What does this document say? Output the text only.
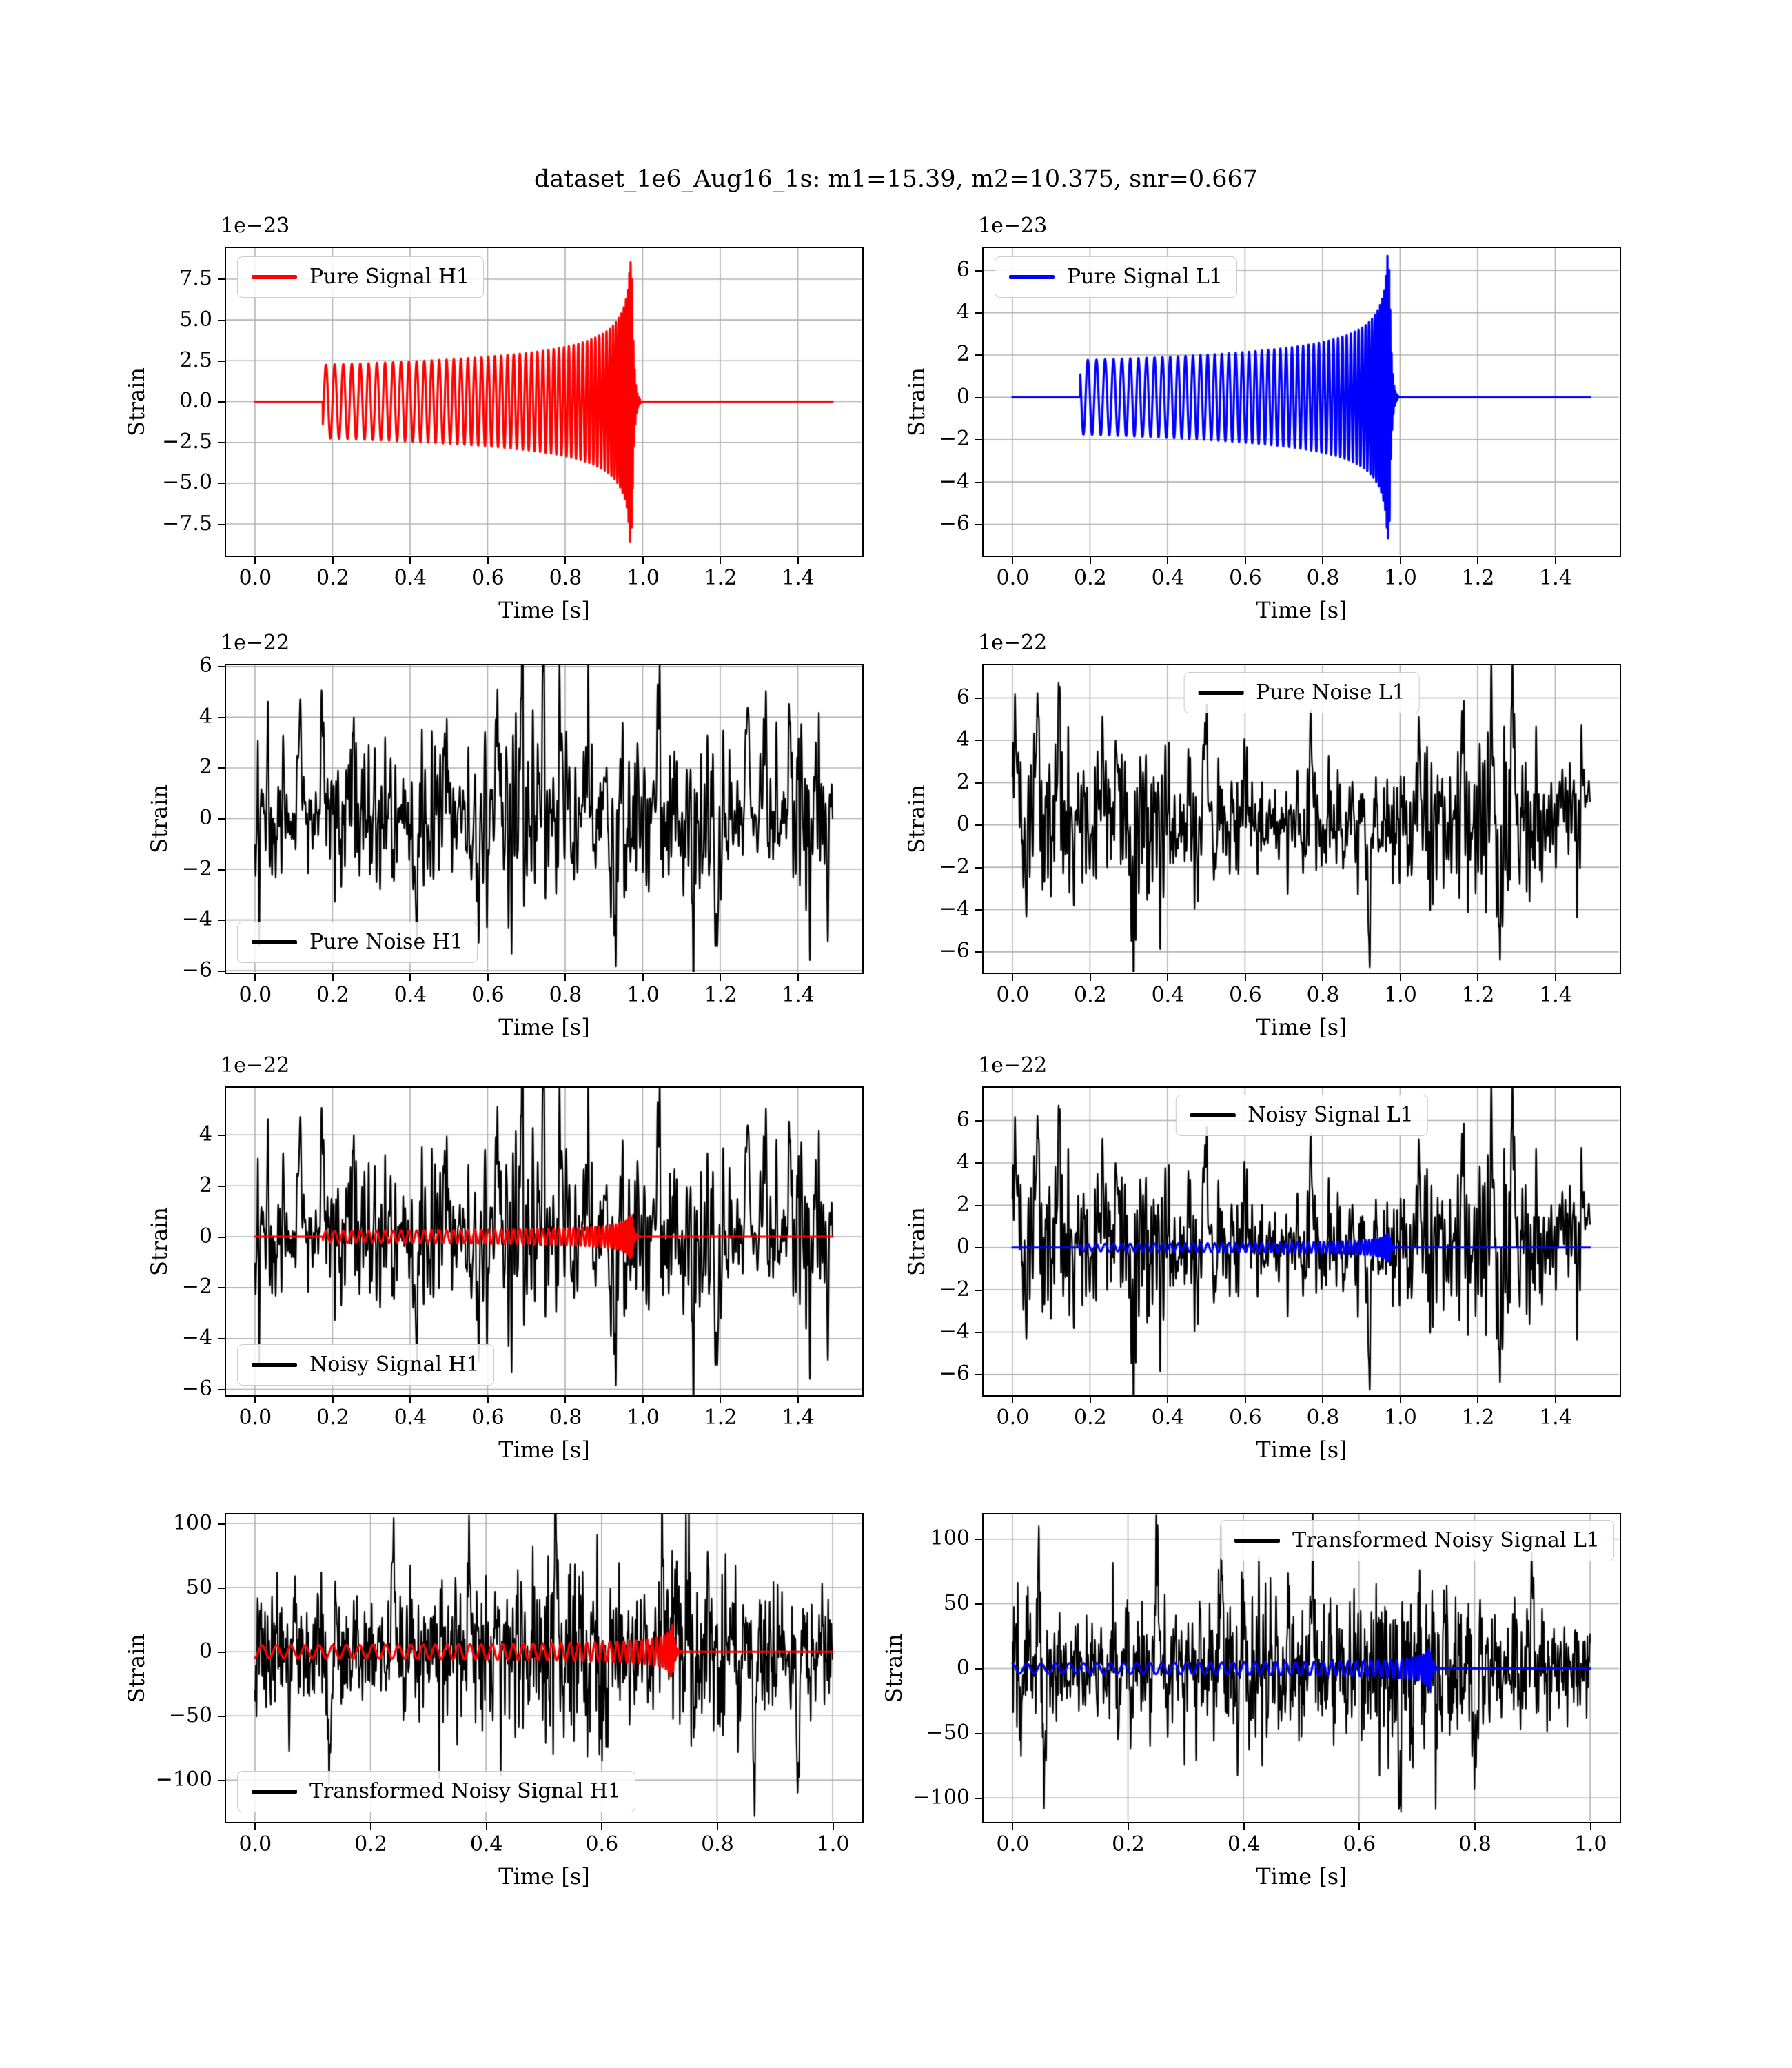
dataset_1e6_Aug16_1s: m1=15.39, m2=10.375, snr=0.667
Pure Signal H1
1e−23
0.0	0.2	0.4	0.6	0.8	1.0	1.2	1.4
7.5
5.0
2.5
0.0
−2.5
−5.0
−7.5
Time [s]
Strain
Pure Signal L1
1e−23
0.0	0.2	0.4	0.6	0.8	1.0	1.2	1.4
6
4
2
0
−2
−4
−6
Time [s]
Strain
Pure Noise H1
1e−22
0.0	0.2	0.4	0.6	0.8	1.0	1.2	1.4
6
4
2
0
−2
−4
−6
Time [s]
Strain
Pure Noise L1
1e−22
0.0	0.2	0.4	0.6	0.8	1.0	1.2	1.4
6
4
2
0
−2
−4
−6
Time [s]
Strain
Noisy Signal H1
1e−22
0.0	0.2	0.4	0.6	0.8	1.0	1.2	1.4
4
2
0
−2
−4
−6
Time [s]
Strain
Noisy Signal L1
1e−22
0.0	0.2	0.4	0.6	0.8	1.0	1.2	1.4
6
4
2
0
−2
−4
−6
Time [s]
Strain
Transformed Noisy Signal H1
0.0	0.2	0.4	0.6	0.8	1.0
100
50
0
−50
−100
Time [s]
Strain
Transformed Noisy Signal L1
0.0	0.2	0.4	0.6	0.8	1.0
100
50
0
−50
−100
Time [s]
Strain
